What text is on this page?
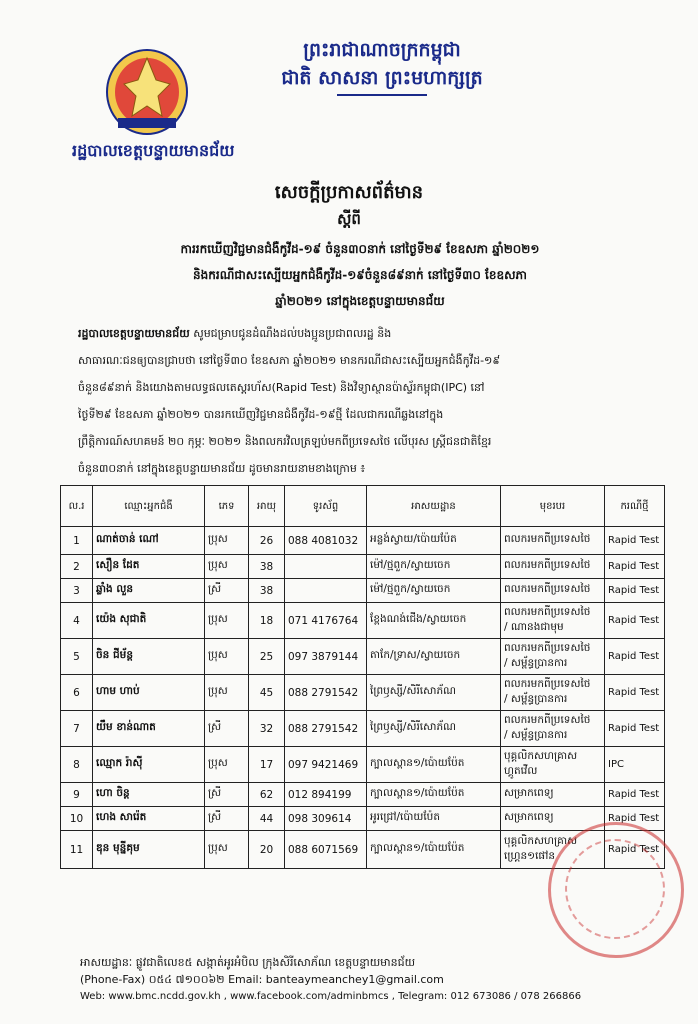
ព្រះរាជាណាចក្រកម្ពុជា
ជាតិ សាសនា ព្រះមហាក្សត្រ
រដ្ឋបាលខេត្តបន្ទាយមានជ័យ
សេចក្តីប្រកាសព័ត៌មាន
ស្តីពី
ការរកឃើញវិជ្ជមានជំងឺកូវីដ-១៩ ចំនួន៣០នាក់ នៅថ្ងៃទី២៩ ខែឧសភា ឆ្នាំ២០២១
និងករណីជាសះស្បើយអ្នកជំងឺកូវីដ-១៩ចំនួន៨៩នាក់ នៅថ្ងៃទី៣០ ខែឧសភា
ឆ្នាំ២០២១ នៅក្នុងខេត្តបន្ទាយមានជ័យ
រដ្ឋបាលខេត្តបន្ទាយមានជ័យ សូមជម្រាបជូនដំណឹងដល់បងប្អូនប្រជាពលរដ្ឋ និង
សាធារណៈជនឲ្យបានជ្រាបថា នៅថ្ងៃទី៣០ ខែឧសភា ឆ្នាំ២០២១ មានករណីជាសះស្បើយអ្នកជំងឺកូវីដ-១៩
ចំនួន៨៩នាក់ និងយោងតាមលទ្ធផលតេស្តរហ័ស(Rapid Test) និងវិទ្យាស្ថានប៉ាស្ទ័រកម្ពុជា(IPC) នៅ
ថ្ងៃទី២៩ ខែឧសភា ឆ្នាំ២០២១ បានរកឃើញវិជ្ជមានជំងឺកូវីដ-១៩ថ្មី ដែលជាករណីឆ្លងនៅក្នុង
ព្រឹត្តិការណ៍សហគមន៍ ២០ កុម្ភៈ ២០២១ និងពលករវិលត្រឡប់មកពីប្រទេសថៃ លើបុរស ស្ត្រីជនជាតិខ្មែរ
ចំនួន៣០នាក់ នៅក្នុងខេត្តបន្ទាយមានជ័យ ដូចមានរាយនាមខាងក្រោម ៖
ល.រ	ឈ្មោះអ្នកជំងឺ	ភេទ	អាយុ	ទូរស័ព្ទ	អាសយដ្ឋាន	មុខរបរ	ករណីថ្មី
1	ណាត់ចាន់ ណៅ	ប្រុស	26	088 4081032	អន្លង់ស្វាយ/ប៉ោយប៉ែត	ពលករមកពីប្រទេសថៃ	Rapid Test
2	សឿន ដែត	ប្រុស	38		ម៉ៅ/ថ្មពួក/ស្វាយចេក	ពលករមកពីប្រទេសថៃ	Rapid Test
3	ឆ្លាំង លួន	ស្រី	38		ម៉ៅ/ថ្មពួក/ស្វាយចេក	ពលករមកពីប្រទេសថៃ	Rapid Test
4	យ៉េង សុជាតិ	ប្រុស	18	071 4176764	ខ្ពែងណង់ជើង/ស្វាយចេក	ពលករមកពីប្រទេសថៃ
/ ណានងជាមុម	Rapid Test
5	ចិន ជីម័ន្ត	ប្រុស	25	097 3879144	តាកែ/ទ្រាស/ស្វាយចេក	ពលករមកពីប្រទេសថៃ
/ សម្ព័ន្ធប្រានការ	Rapid Test
6	ហាម ហាប់	ប្រុស	45	088 2791542	ព្រៃឫស្សី/សិរីសោភ័ណ	ពលករមកពីប្រទេសថៃ
/ សម្ព័ន្ធប្រានការ	Rapid Test
7	យឹម ខាន់ណាត	ស្រី	32	088 2791542	ព្រៃឫស្សី/សិរីសោភ័ណ	ពលករមកពីប្រទេសថៃ
/ សម្ព័ន្ធប្រានការ	Rapid Test
8	ឈ្មោក រ៉ាស៊ី	ប្រុស	17	097 9421469	ក្បាលស្ពាន១/ប៉ោយប៉ែត	បុគ្គលិកសហគ្រាស
ហ្គូតវើល	IPC
9	ហោ ចិន្ត	ស្រី	62	012 894199	ក្បាលស្ពាន១/ប៉ោយប៉ែត	សម្រាកពេទ្យ	Rapid Test
10	ហេង សារ៉េត	ស្រី	44	098 309614	អូរជ្រៅ/ប៉ោយប៉ែត	សម្រាកពេទ្យ	Rapid Test
11	ឌុន មុន្នីគុម	ប្រុស	20	088 6071569	ក្បាលស្ពាន១/ប៉ោយប៉ែត	បុគ្គលិកសហគ្រាស
ហ្គ្រេន១ផៅន	Rapid Test
អាសយដ្ឋានៈ ផ្លូវជាតិលេខ៥ សង្កាត់អូរអំបិល ក្រុងសិរីសោភ័ណ ខេត្តបន្ទាយមានជ័យ
(Phone-Fax) ០៥៤ ៧១០០៦២ Email: banteaymeanchey1@gmail.com
Web: www.bmc.ncdd.gov.kh , www.facebook.com/adminbmcs , Telegram: 012 673086 / 078 266866
